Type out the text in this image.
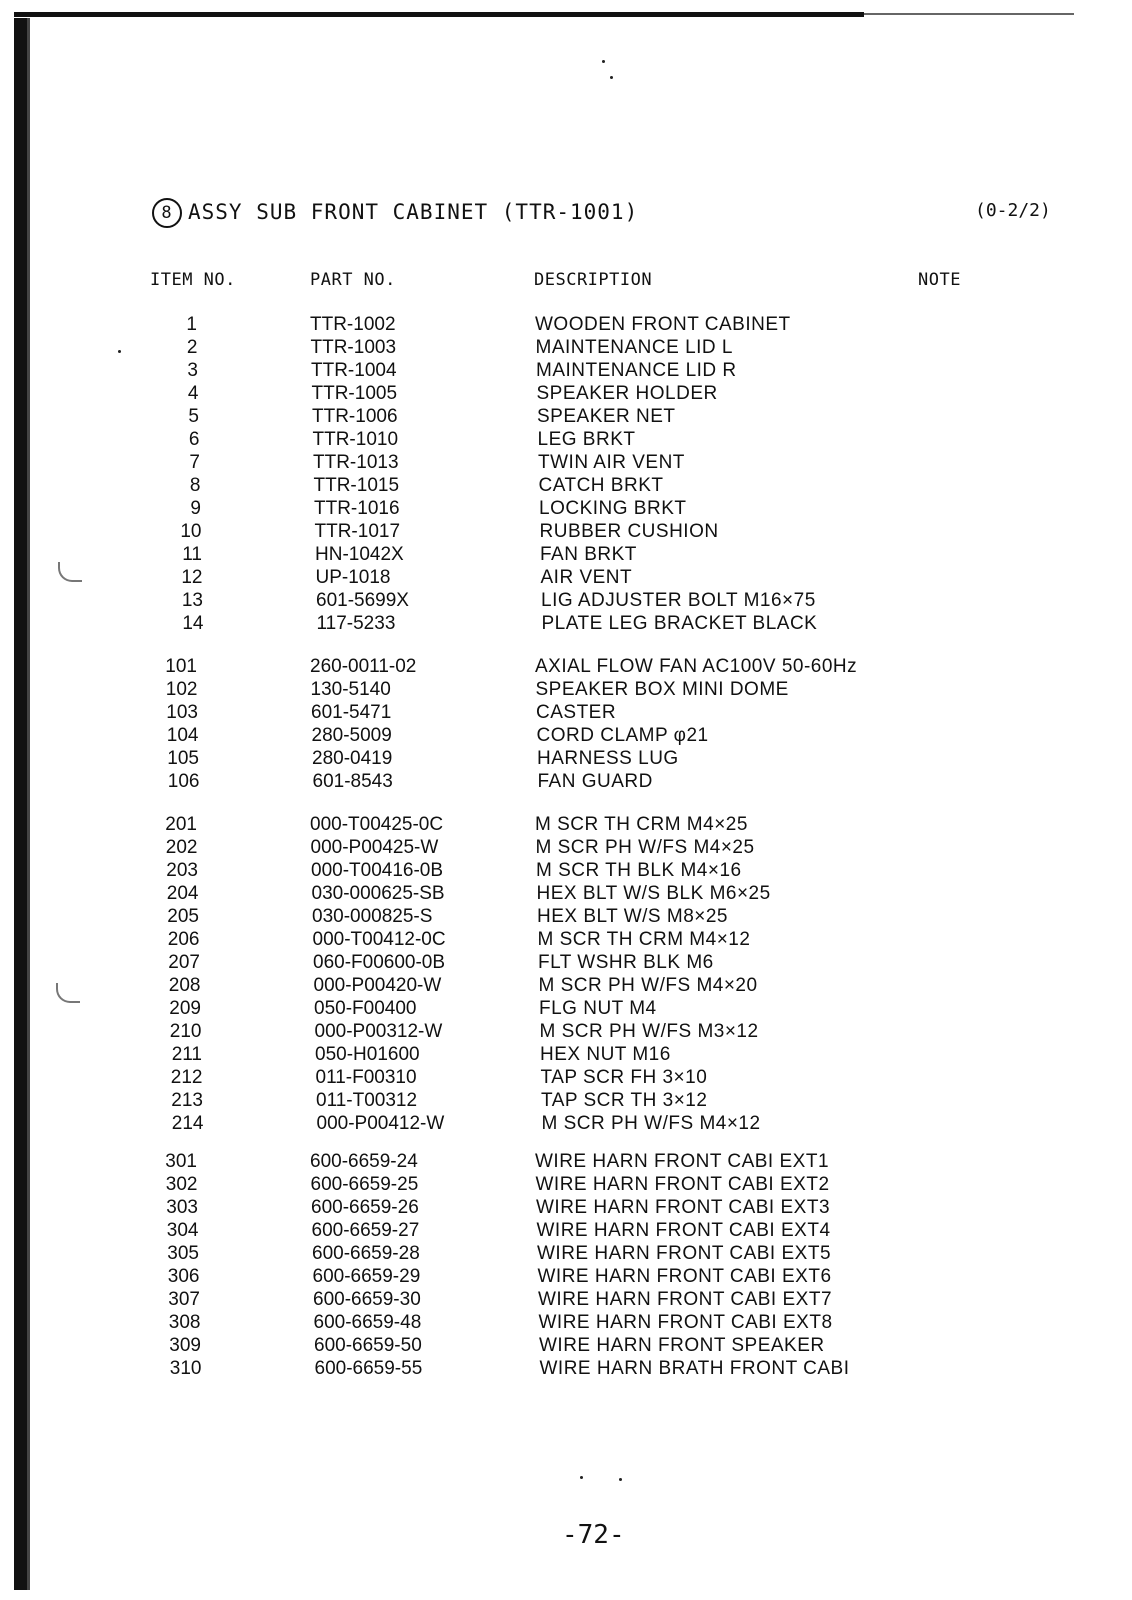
8 ASSY SUB FRONT CABINET (TTR-1001)	(0-2/2)
ITEM NO.	PART NO.	DESCRIPTION	NOTE
1	TTR-1002	WOODEN FRONT CABINET
2	TTR-1003	MAINTENANCE LID L
3	TTR-1004	MAINTENANCE LID R
4	TTR-1005	SPEAKER HOLDER
5	TTR-1006	SPEAKER NET
6	TTR-1010	LEG BRKT
7	TTR-1013	TWIN AIR VENT
8	TTR-1015	CATCH BRKT
9	TTR-1016	LOCKING BRKT
10	TTR-1017	RUBBER CUSHION
11	HN-1042X	FAN BRKT
12	UP-1018	AIR VENT
13	601-5699X	LIG ADJUSTER BOLT M16×75
14	117-5233	PLATE LEG BRACKET BLACK
101	260-0011-02	AXIAL FLOW FAN AC100V 50-60Hz
102	130-5140	SPEAKER BOX MINI DOME
103	601-5471	CASTER
104	280-5009	CORD CLAMP φ21
105	280-0419	HARNESS LUG
106	601-8543	FAN GUARD
201	000-T00425-0C	M SCR TH CRM M4×25
202	000-P00425-W	M SCR PH W/FS M4×25
203	000-T00416-0B	M SCR TH BLK M4×16
204	030-000625-SB	HEX BLT W/S BLK M6×25
205	030-000825-S	HEX BLT W/S M8×25
206	000-T00412-0C	M SCR TH CRM M4×12
207	060-F00600-0B	FLT WSHR BLK M6
208	000-P00420-W	M SCR PH W/FS M4×20
209	050-F00400	FLG NUT M4
210	000-P00312-W	M SCR PH W/FS M3×12
211	050-H01600	HEX NUT M16
212	011-F00310	TAP SCR FH 3×10
213	011-T00312	TAP SCR TH 3×12
214	000-P00412-W	M SCR PH W/FS M4×12
301	600-6659-24	WIRE HARN FRONT CABI EXT1
302	600-6659-25	WIRE HARN FRONT CABI EXT2
303	600-6659-26	WIRE HARN FRONT CABI EXT3
304	600-6659-27	WIRE HARN FRONT CABI EXT4
305	600-6659-28	WIRE HARN FRONT CABI EXT5
306	600-6659-29	WIRE HARN FRONT CABI EXT6
307	600-6659-30	WIRE HARN FRONT CABI EXT7
308	600-6659-48	WIRE HARN FRONT CABI EXT8
309	600-6659-50	WIRE HARN FRONT SPEAKER
310	600-6659-55	WIRE HARN BRATH FRONT CABI
-72-
